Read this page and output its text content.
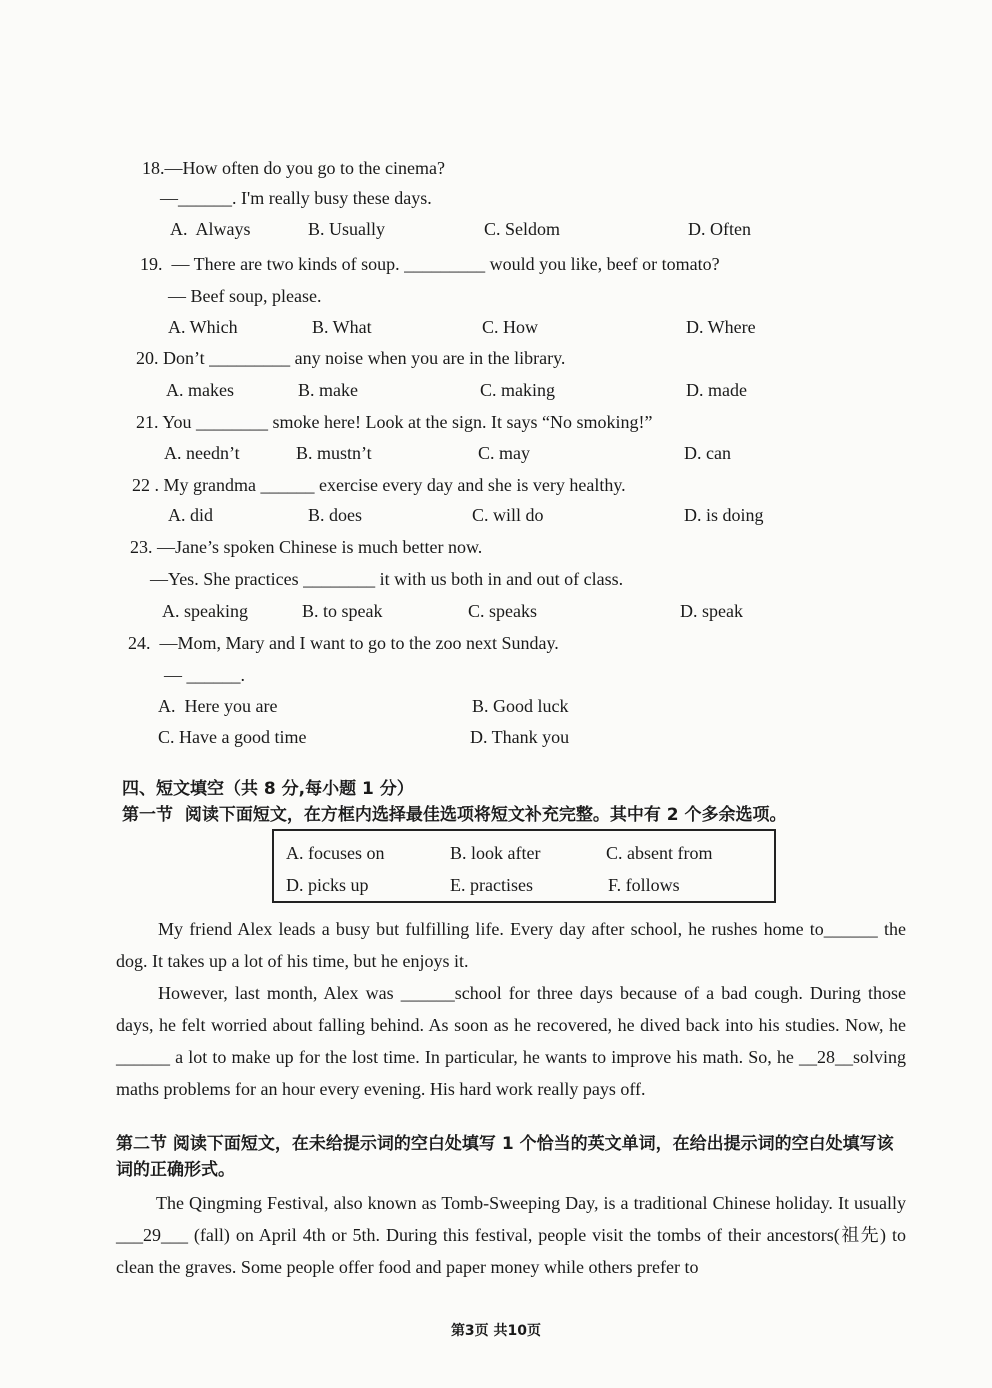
18.—How often do you go to the cinema?
—______. I'm really busy these days.
A.  Always	B. Usually	C. Seldom	D. Often
19.  — There are two kinds of soup. _________ would you like, beef or tomato?
— Beef soup, please.
A. Which	B. What	C. How	D. Where
20. Don’t _________ any noise when you are in the library.
A. makes	B. make	C. making	D. made
21. You ________ smoke here! Look at the sign. It says “No smoking!”
A. needn’t	B. mustn’t	C. may	D. can
22 . My grandma ______ exercise every day and she is very healthy.
A. did	B. does	C. will do	D. is doing
23. —Jane’s spoken Chinese is much better now.
—Yes. She practices ________ it with us both in and out of class.
A. speaking	B. to speak	C. speaks	D. speak
24.  —Mom, Mary and I want to go to the zoo next Sunday.
— ______.
A.  Here you are	B. Good luck
C. Have a good time	D. Thank you
四、短文填空（共 8 分,每小题 1 分）
第一节  阅读下面短文，在方框内选择最佳选项将短文补充完整。其中有 2 个多余选项。
A. focuses on	B. look after	C. absent from
D. picks up	E. practises	F. follows

My friend Alex leads a busy but fulfilling life. Every day after school, he rushes home to______ the dog. It takes up a lot of his time, but he enjoys it.

However, last month, Alex was ______school for three days because of a bad cough. During those days, he felt worried about falling behind. As soon as he recovered, he dived back into his studies. Now, he ______ a lot to make up for the lost time. In particular, he wants to improve his math. So, he __28__solving maths problems for an hour every evening. His hard work really pays off.

第二节 阅读下面短文，在未给提示词的空白处填写 1 个恰当的英文单词，在给出提示词的空白处填写该词的正确形式。

The Qingming Festival, also known as Tomb-Sweeping Day, is a traditional Chinese holiday. It usually ___29___ (fall) on April 4th or 5th. During this festival, people visit the tombs of their ancestors(祖先) to clean the graves. Some people offer food and paper money while others prefer to

第3页 共10页
